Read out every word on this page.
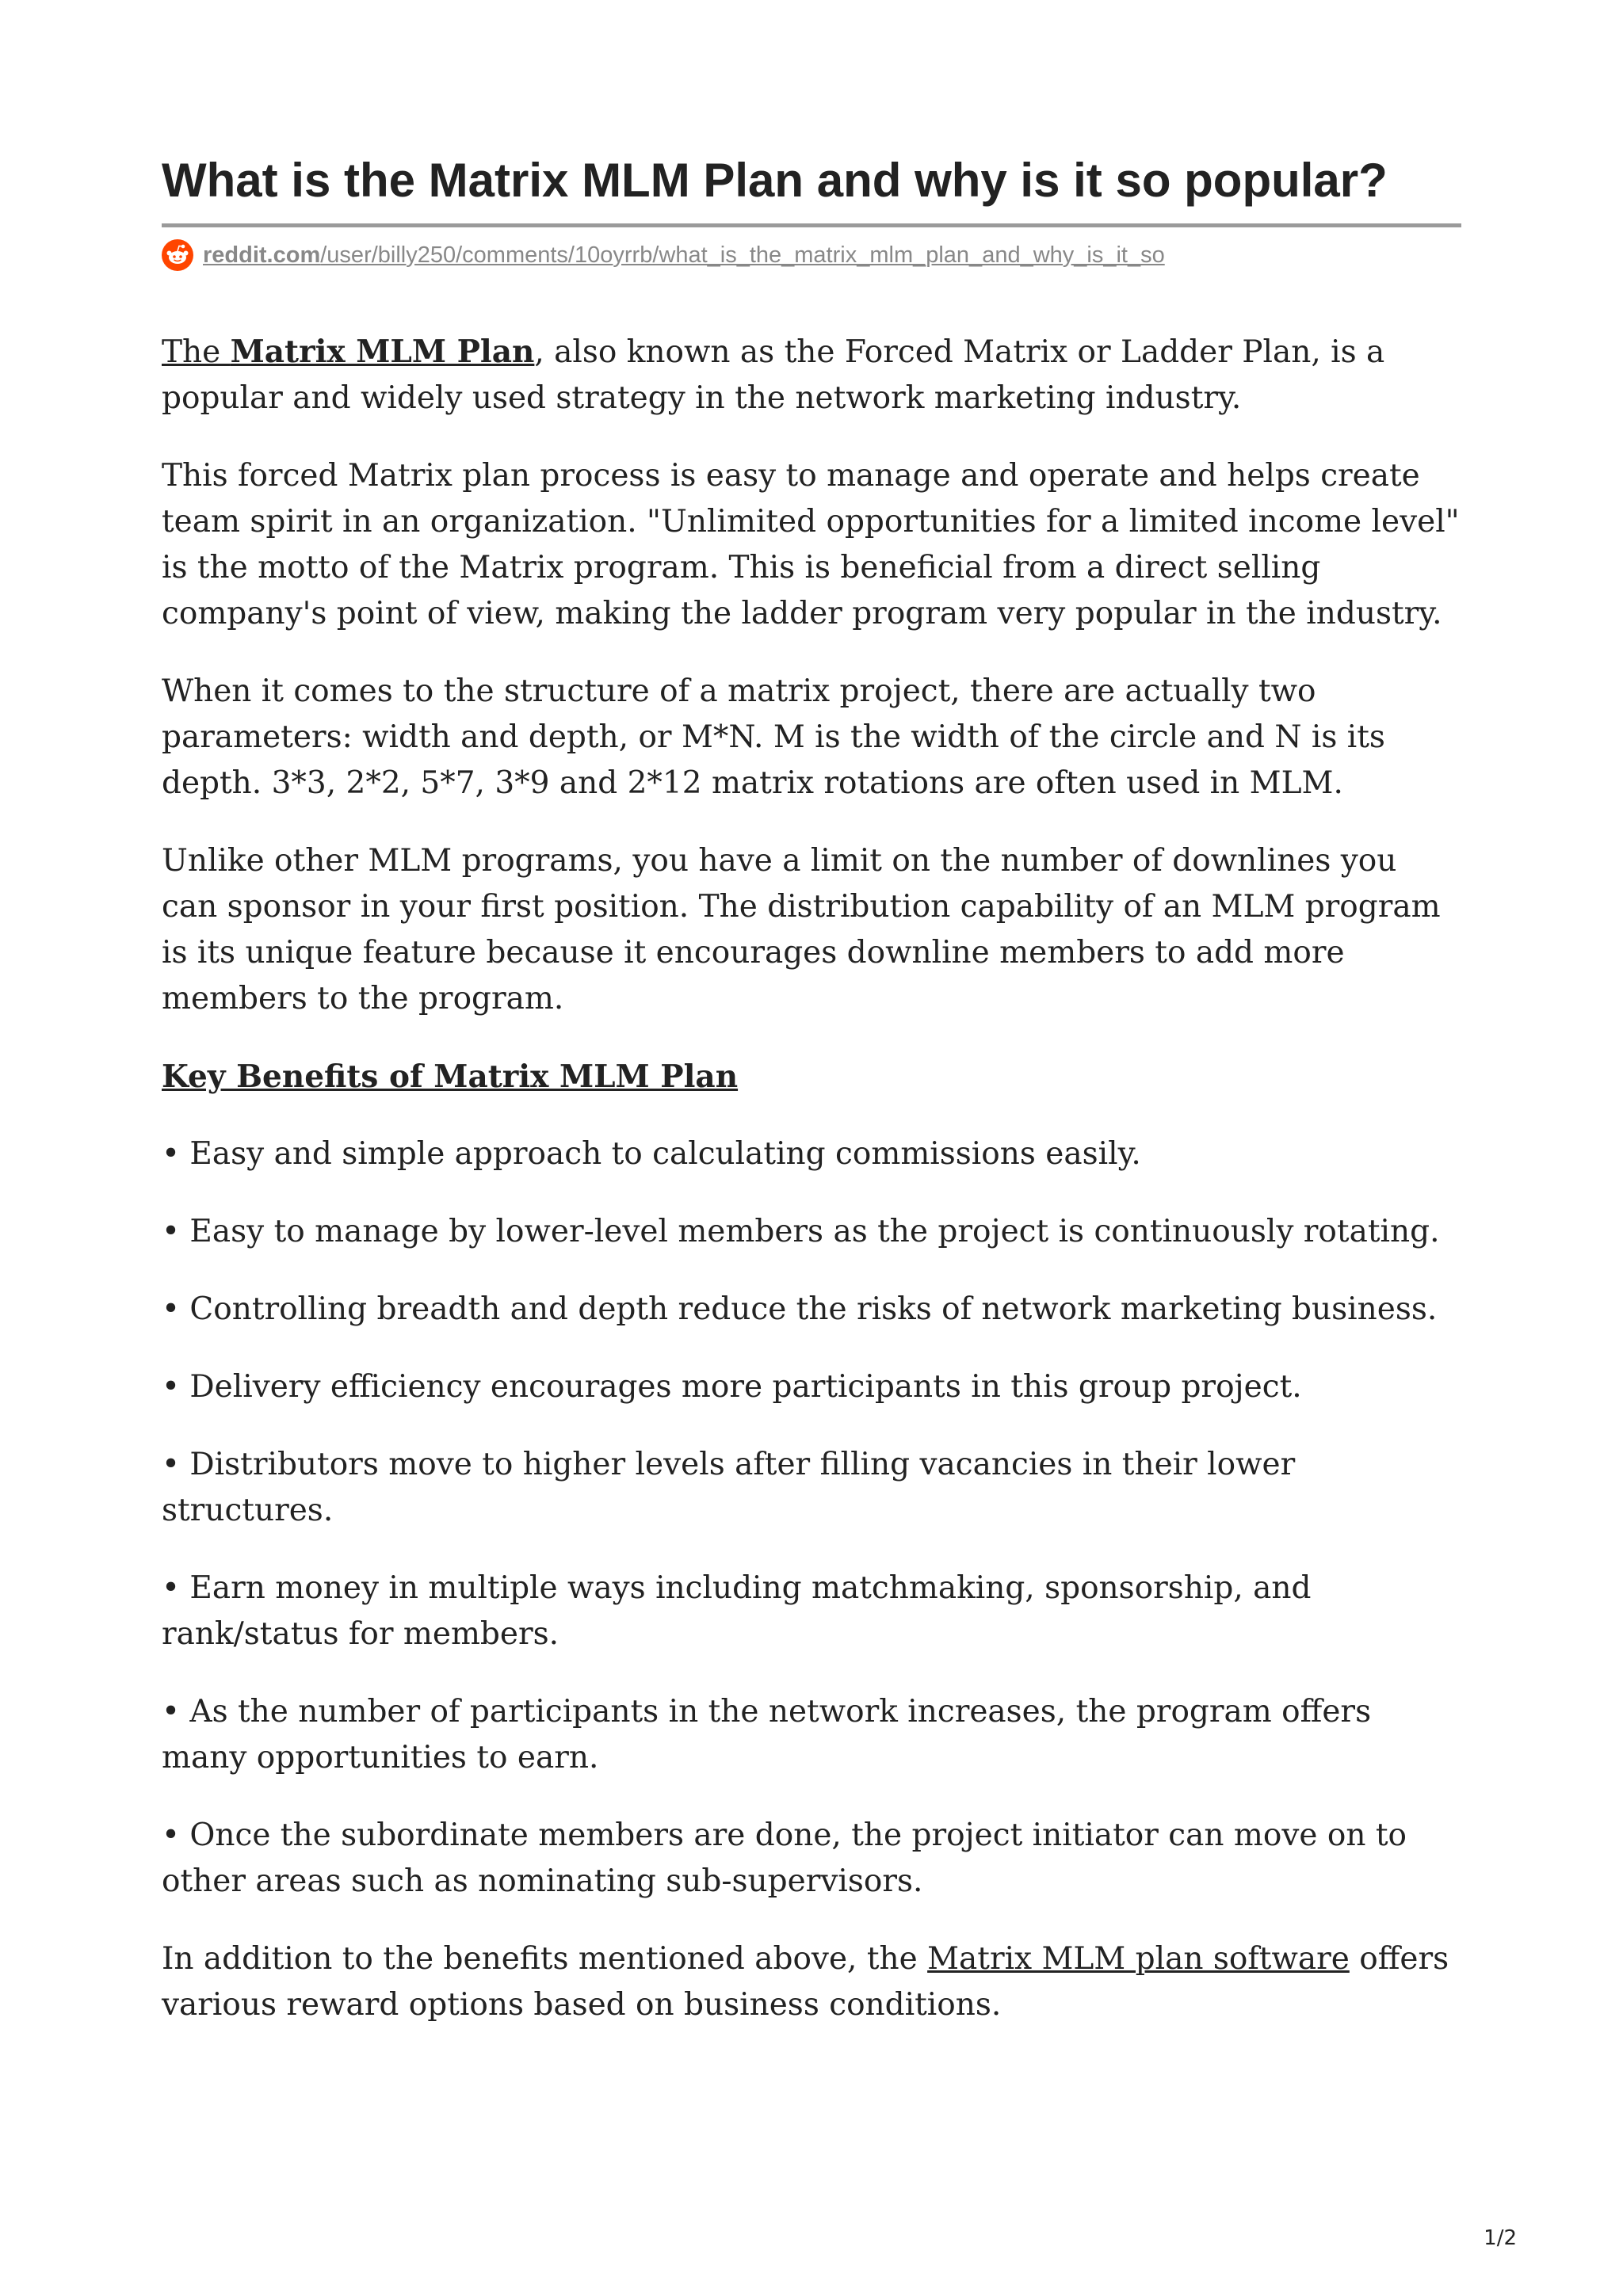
What is the Matrix MLM Plan and why is it so popular?
reddit.com/user/billy250/comments/10oyrrb/what_is_the_matrix_mlm_plan_and_why_is_it_so

The Matrix MLM Plan, also known as the Forced Matrix or Ladder Plan, is a popular and widely used strategy in the network marketing industry.

This forced Matrix plan process is easy to manage and operate and helps create team spirit in an organization. "Unlimited opportunities for a limited income level" is the motto of the Matrix program. This is beneficial from a direct selling company's point of view, making the ladder program very popular in the industry.

When it comes to the structure of a matrix project, there are actually two parameters: width and depth, or M*N. M is the width of the circle and N is its depth. 3*3, 2*2, 5*7, 3*9 and 2*12 matrix rotations are often used in MLM.

Unlike other MLM programs, you have a limit on the number of downlines you can sponsor in your first position. The distribution capability of an MLM program is its unique feature because it encourages downline members to add more members to the program.

Key Benefits of Matrix MLM Plan

• Easy and simple approach to calculating commissions easily.

• Easy to manage by lower-level members as the project is continuously rotating.

• Controlling breadth and depth reduce the risks of network marketing business.

• Delivery efficiency encourages more participants in this group project.

• Distributors move to higher levels after filling vacancies in their lower structures.

• Earn money in multiple ways including matchmaking, sponsorship, and rank/status for members.

• As the number of participants in the network increases, the program offers many opportunities to earn.

• Once the subordinate members are done, the project initiator can move on to other areas such as nominating sub-supervisors.

In addition to the benefits mentioned above, the Matrix MLM plan software offers various reward options based on business conditions.

1/2
